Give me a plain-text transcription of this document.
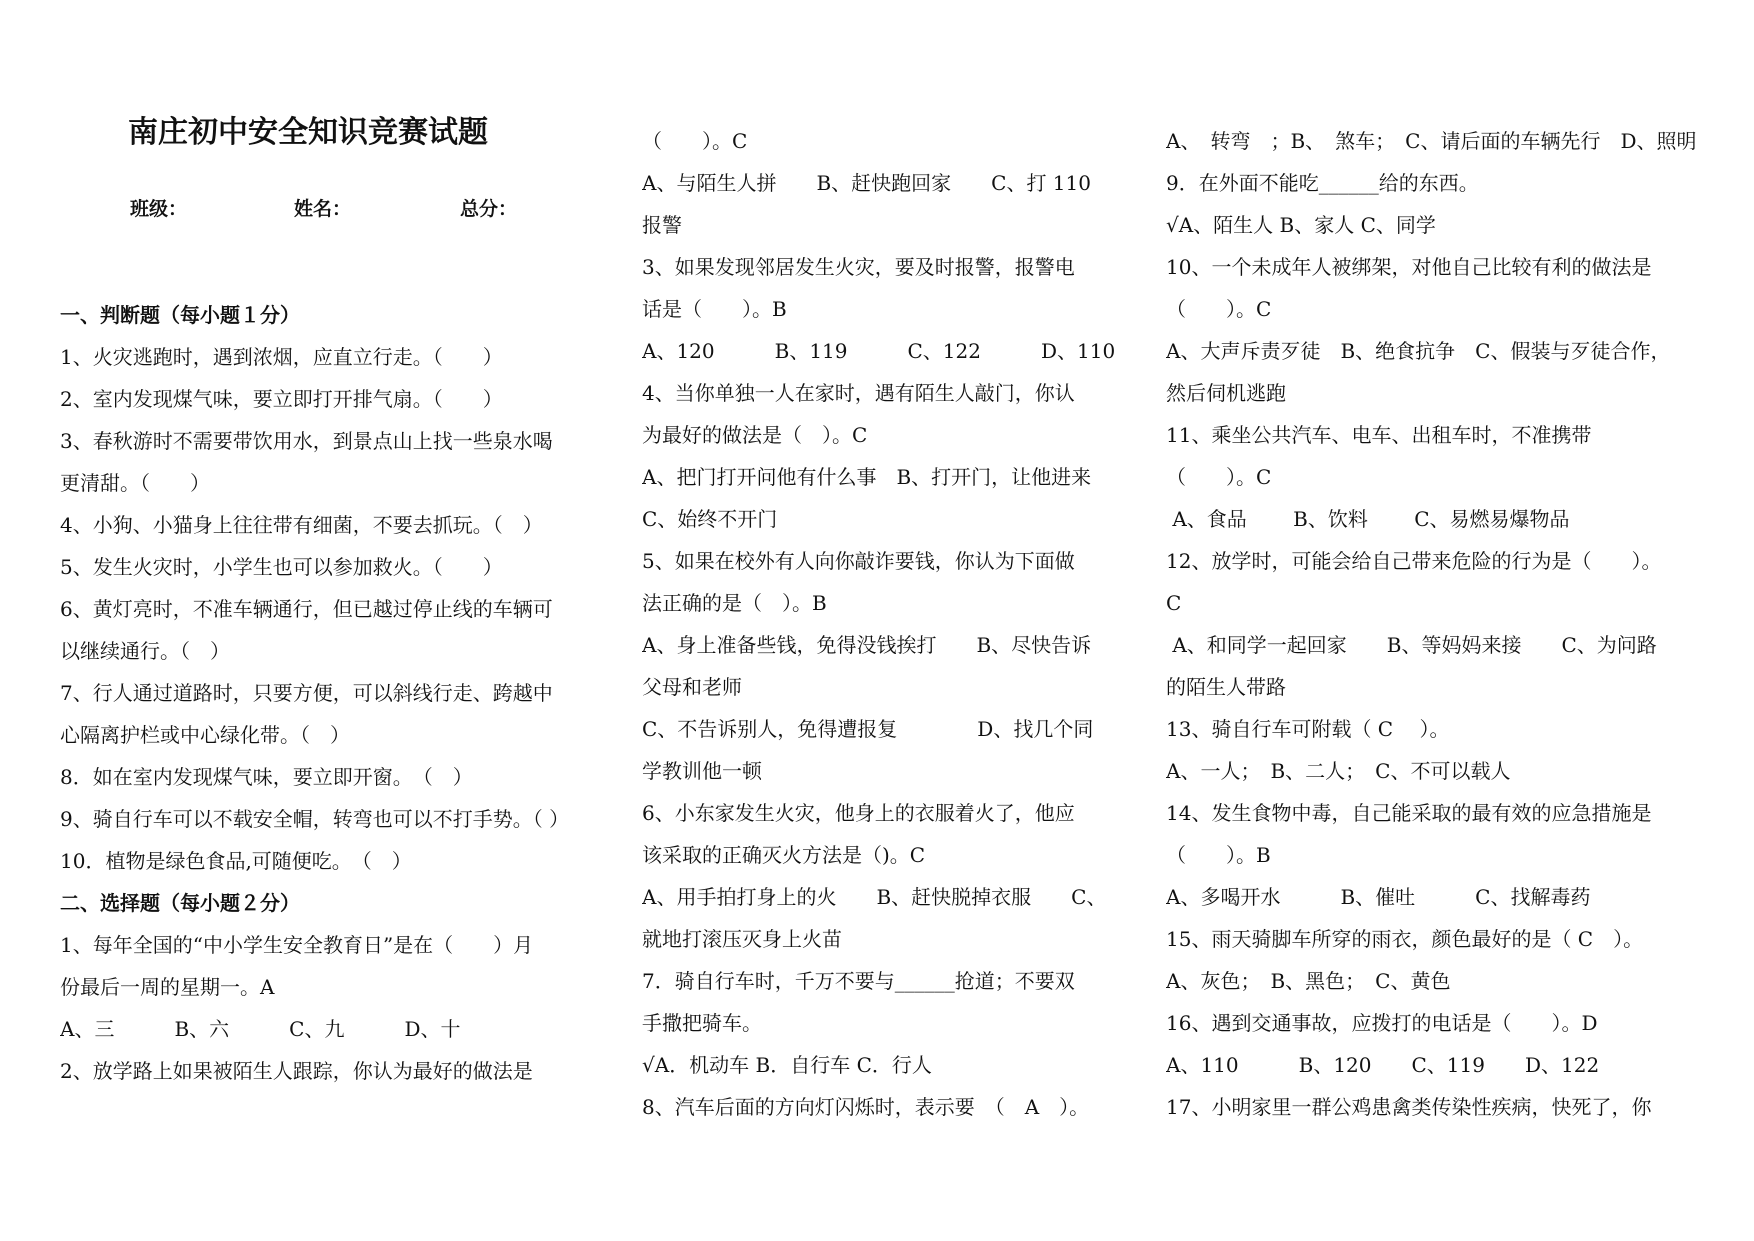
南庄初中安全知识竞赛试题
班级：	姓名：	总分：
一、判断题（每小题１分）
1、火灾逃跑时，遇到浓烟，应直立行走。（　　）
2、室内发现煤气味，要立即打开排气扇。（　　）
3、春秋游时不需要带饮用水，到景点山上找一些泉水喝
更清甜。（　　）
4、小狗、小猫身上往往带有细菌，不要去抓玩。（　）
5、发生火灾时，小学生也可以参加救火。（　　）
6、黄灯亮时，不准车辆通行，但已越过停止线的车辆可
以继续通行。（　）
7、行人通过道路时，只要方便，可以斜线行走、跨越中
心隔离护栏或中心绿化带。（　）
8．如在室内发现煤气味，要立即开窗。　（　）
9、骑自行车可以不载安全帽，转弯也可以不打手势。（ ）
10．植物是绿色食品,可随便吃。　（　）
二、选择题（每小题２分）
1、每年全国的“中小学生安全教育日”是在（　　）月
份最后一周的星期一。A
A、三　　　B、六　　　C、九　　　D、十
2、放学路上如果被陌生人跟踪，你认为最好的做法是
（　　）。C
A、与陌生人拼　　B、赶快跑回家　　C、打 110
报警
3、如果发现邻居发生火灾，要及时报警，报警电
话是（　　）。B
A、120　　　B、119　　　C、122　　　D、110
4、当你单独一人在家时，遇有陌生人敲门，你认
为最好的做法是（　）。C
A、把门打开问他有什么事　B、打开门，让他进来
C、始终不开门
5、如果在校外有人向你敲诈要钱，你认为下面做
法正确的是（　）。B
A、身上准备些钱，免得没钱挨打　　B、尽快告诉
父母和老师
C、不告诉别人，免得遭报复　　　　D、找几个同
学教训他一顿
6、小东家发生火灾，他身上的衣服着火了，他应
该采取的正确灭火方法是（)。C
A、用手拍打身上的火　　B、赶快脱掉衣服　　C、
就地打滚压灭身上火苗
7．骑自行车时，千万不要与______抢道；不要双
手撒把骑车。
√A．机动车 B．自行车 C．行人
8、汽车后面的方向灯闪烁时，表示要　（　A　）。
A、　转弯　；B、　煞车；　C、请后面的车辆先行　D、照明
9．在外面不能吃______给的东西。
√A、陌生人 B、家人 C、同学
10、一个未成年人被绑架，对他自己比较有利的做法是
（　　）。C
A、大声斥责歹徒　B、绝食抗争　C、假装与歹徒合作，
然后伺机逃跑
11、乘坐公共汽车、电车、出租车时，不准携带
（　　）。C
A、食品　　 B、饮料　　 C、易燃易爆物品
12、放学时，可能会给自己带来危险的行为是（　　）。
C
A、和同学一起回家　　B、等妈妈来接　　C、为问路
的陌生人带路
13、骑自行车可附载（ C　 ）。
A、一人；　B、二人；　C、不可以载人
14、发生食物中毒，自己能采取的最有效的应急措施是
（　　）。B
A、多喝开水　　　B、催吐　　　C、找解毒药
15、雨天骑脚车所穿的雨衣，颜色最好的是（ C　）。
A、灰色；　B、黑色；　C、黄色
16、遇到交通事故，应拨打的电话是（　　）。D
A、110　　　B、120　　C、119　　D、122
17、小明家里一群公鸡患禽类传染性疾病，快死了，你
